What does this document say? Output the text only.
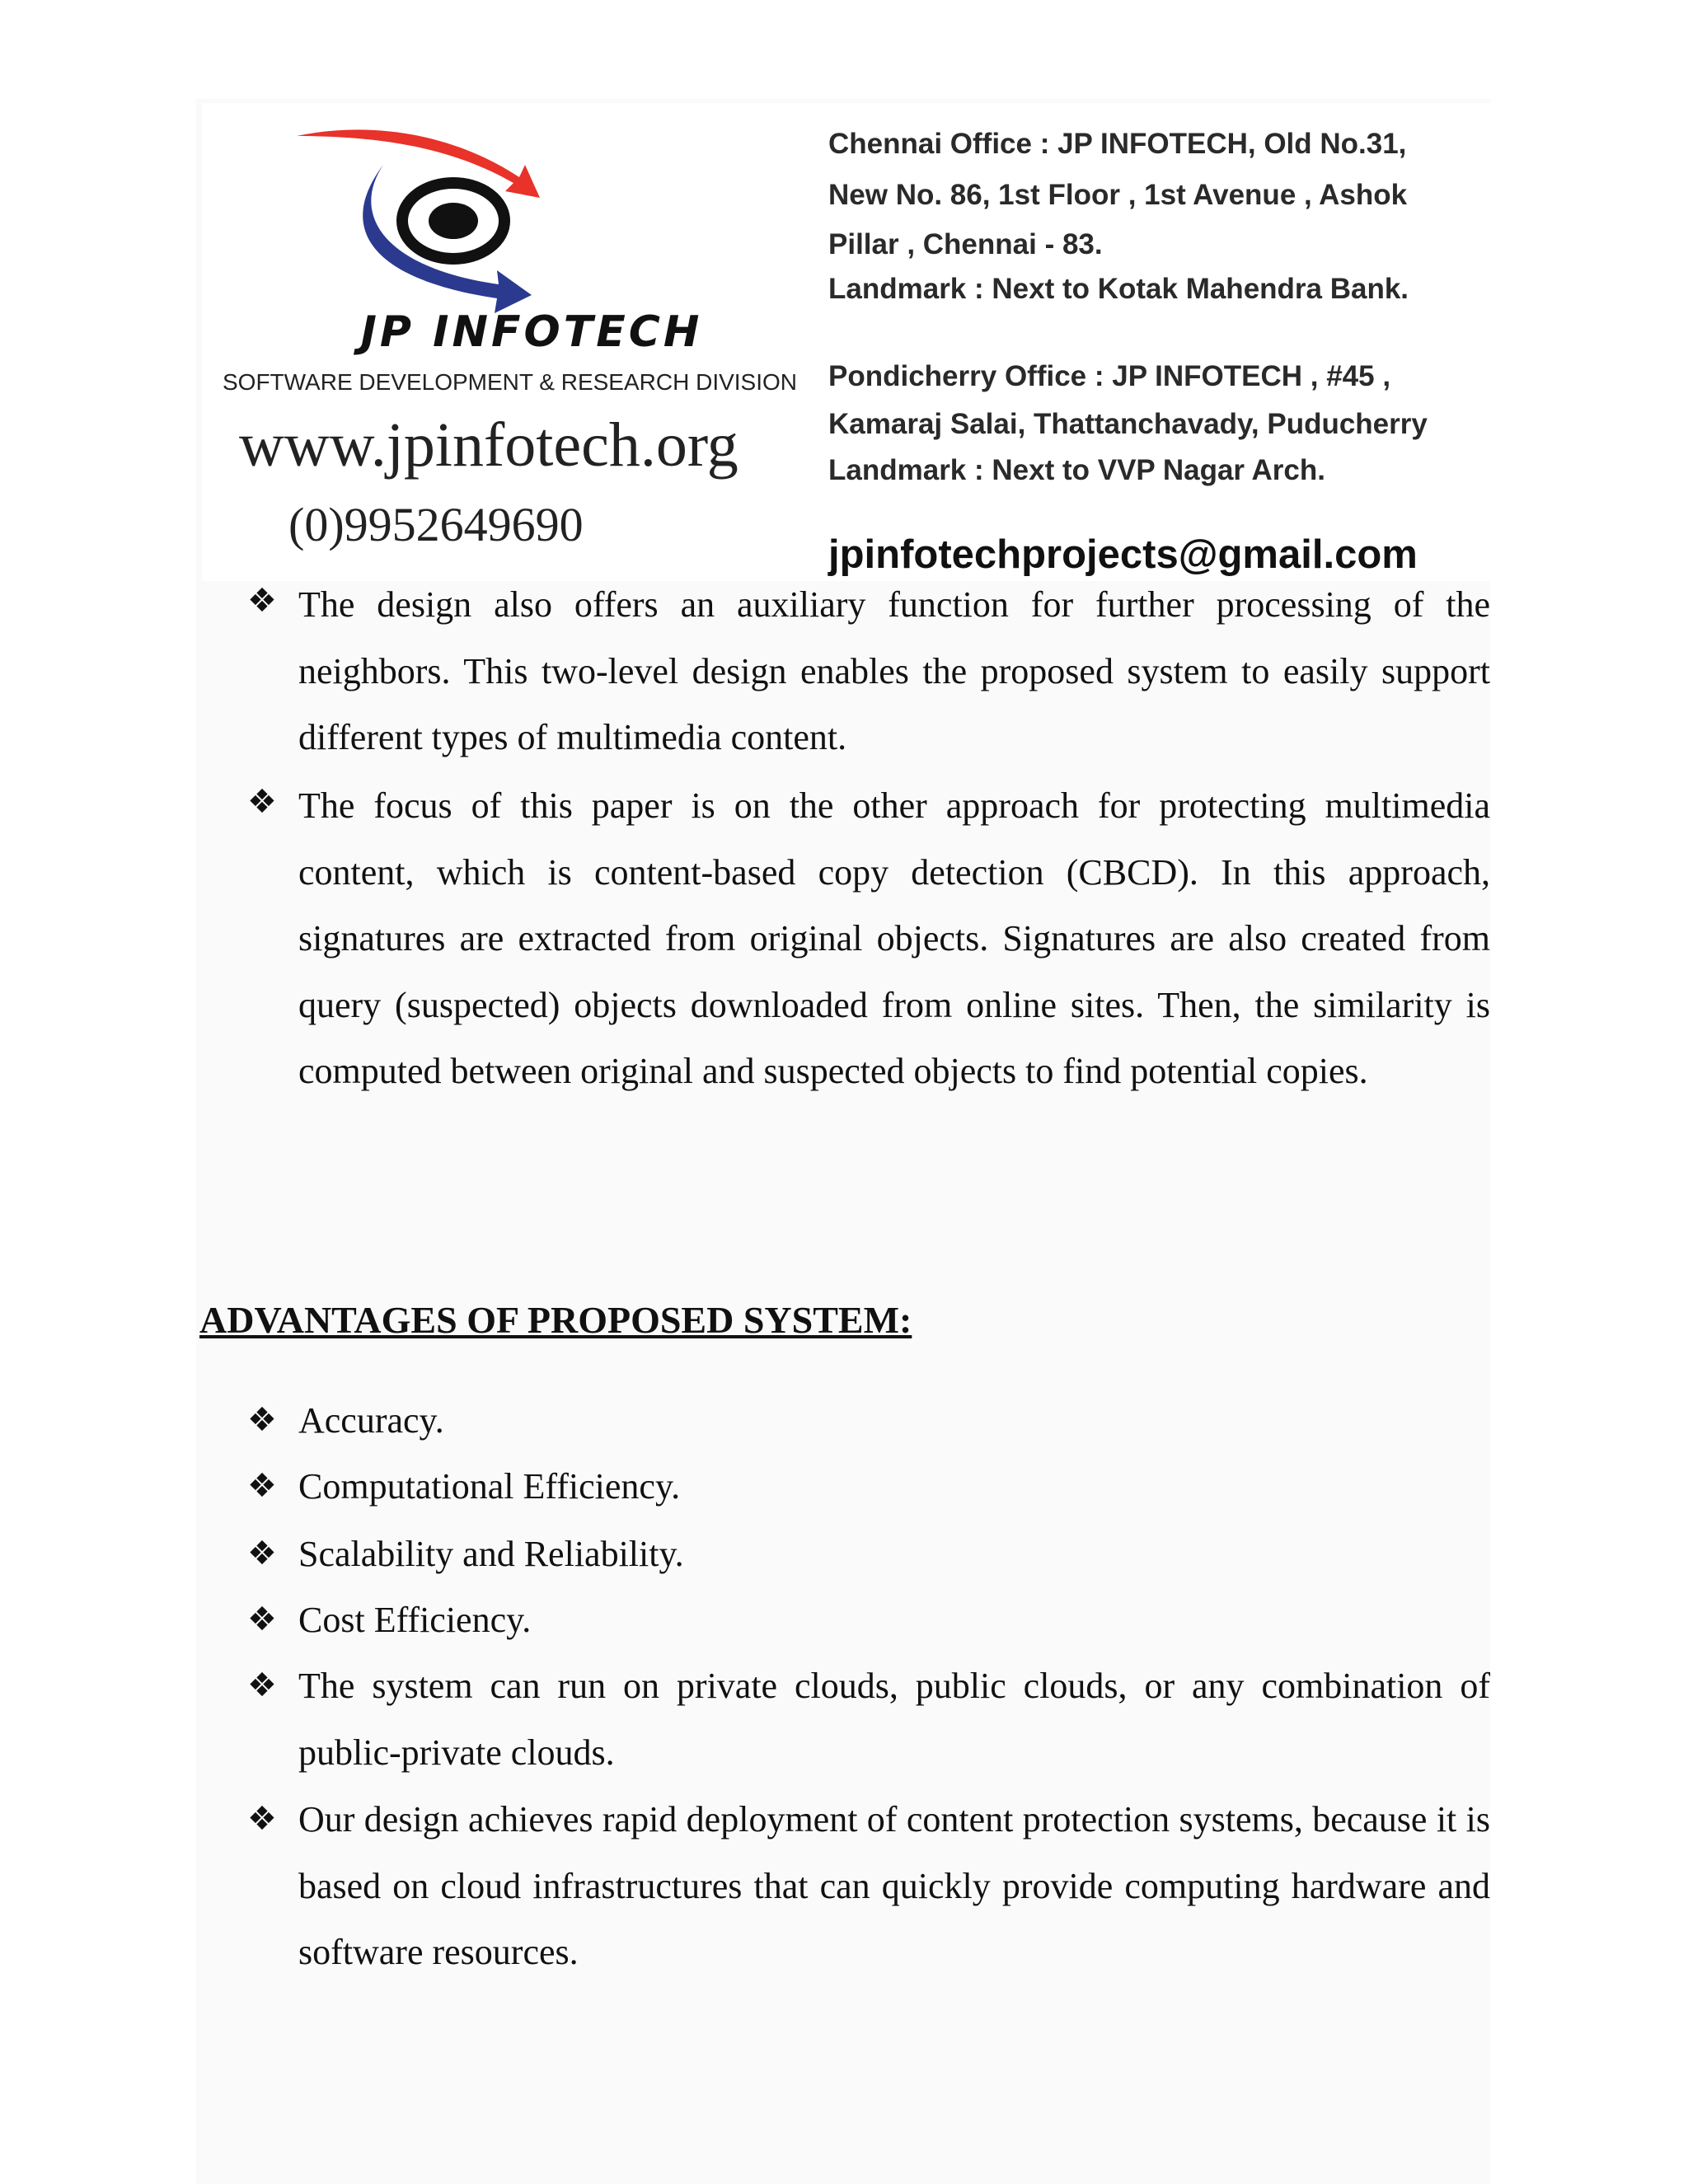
JP INFOTECH
SOFTWARE DEVELOPMENT & RESEARCH DIVISION
www.jpinfotech.org
(0)9952649690
Chennai Office : JP INFOTECH, Old No.31,
New No. 86, 1st Floor , 1st Avenue , Ashok
Pillar , Chennai - 83.
Landmark : Next to Kotak Mahendra Bank.
Pondicherry Office : JP INFOTECH , #45 ,
Kamaraj Salai, Thattanchavady, Puducherry
Landmark : Next to VVP Nagar Arch.
jpinfotechprojects@gmail.com
❖ The design also offers an auxiliary function for further processing of the neighbors. This two-level design enables the proposed system to easily support different types of multimedia content.
❖ The focus of this paper is on the other approach for protecting multimedia content, which is content-based copy detection (CBCD). In this approach, signatures are extracted from original objects. Signatures are also created from query (suspected) objects downloaded from online sites. Then, the similarity is computed between original and suspected objects to find potential copies.
ADVANTAGES OF PROPOSED SYSTEM:
❖ Accuracy.
❖ Computational Efficiency.
❖ Scalability and Reliability.
❖ Cost Efficiency.
❖ The system can run on private clouds, public clouds, or any combination of public-private clouds.
❖ Our design achieves rapid deployment of content protection systems, because it is based on cloud infrastructures that can quickly provide computing hardware and software resources.
